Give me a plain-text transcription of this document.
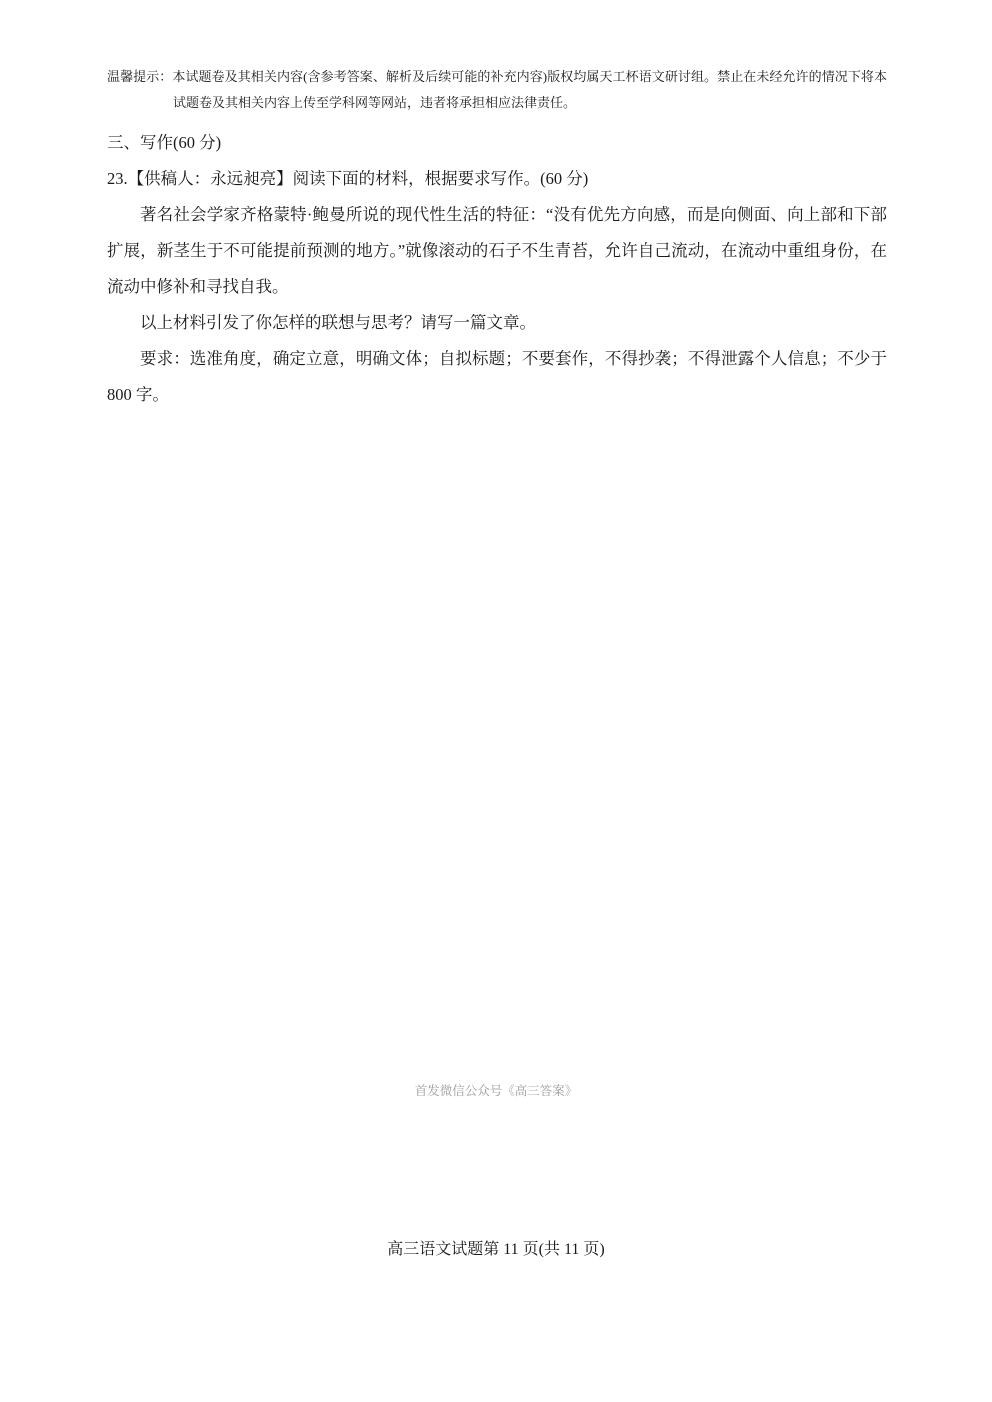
温馨提示：本试题卷及其相关内容(含参考答案、解析及后续可能的补充内容)版权均属天工杯语文研讨组。禁止在未经允许的情况下将本试题卷及其相关内容上传至学科网等网站，违者将承担相应法律责任。
三、写作(60 分)
23.【供稿人：永远昶亮】阅读下面的材料，根据要求写作。(60 分)

著名社会学家齐格蒙特·鲍曼所说的现代性生活的特征：“没有优先方向感，而是向侧面、向上部和下部扩展，新茎生于不可能提前预测的地方。”就像滚动的石子不生青苔，允许自己流动，在流动中重组身份，在流动中修补和寻找自我。

以上材料引发了你怎样的联想与思考？请写一篇文章。

要求：选准角度，确定立意，明确文体；自拟标题；不要套作，不得抄袭；不得泄露个人信息；不少于 800 字。

首发微信公众号《高三答案》
高三语文试题第 11 页(共 11 页)
